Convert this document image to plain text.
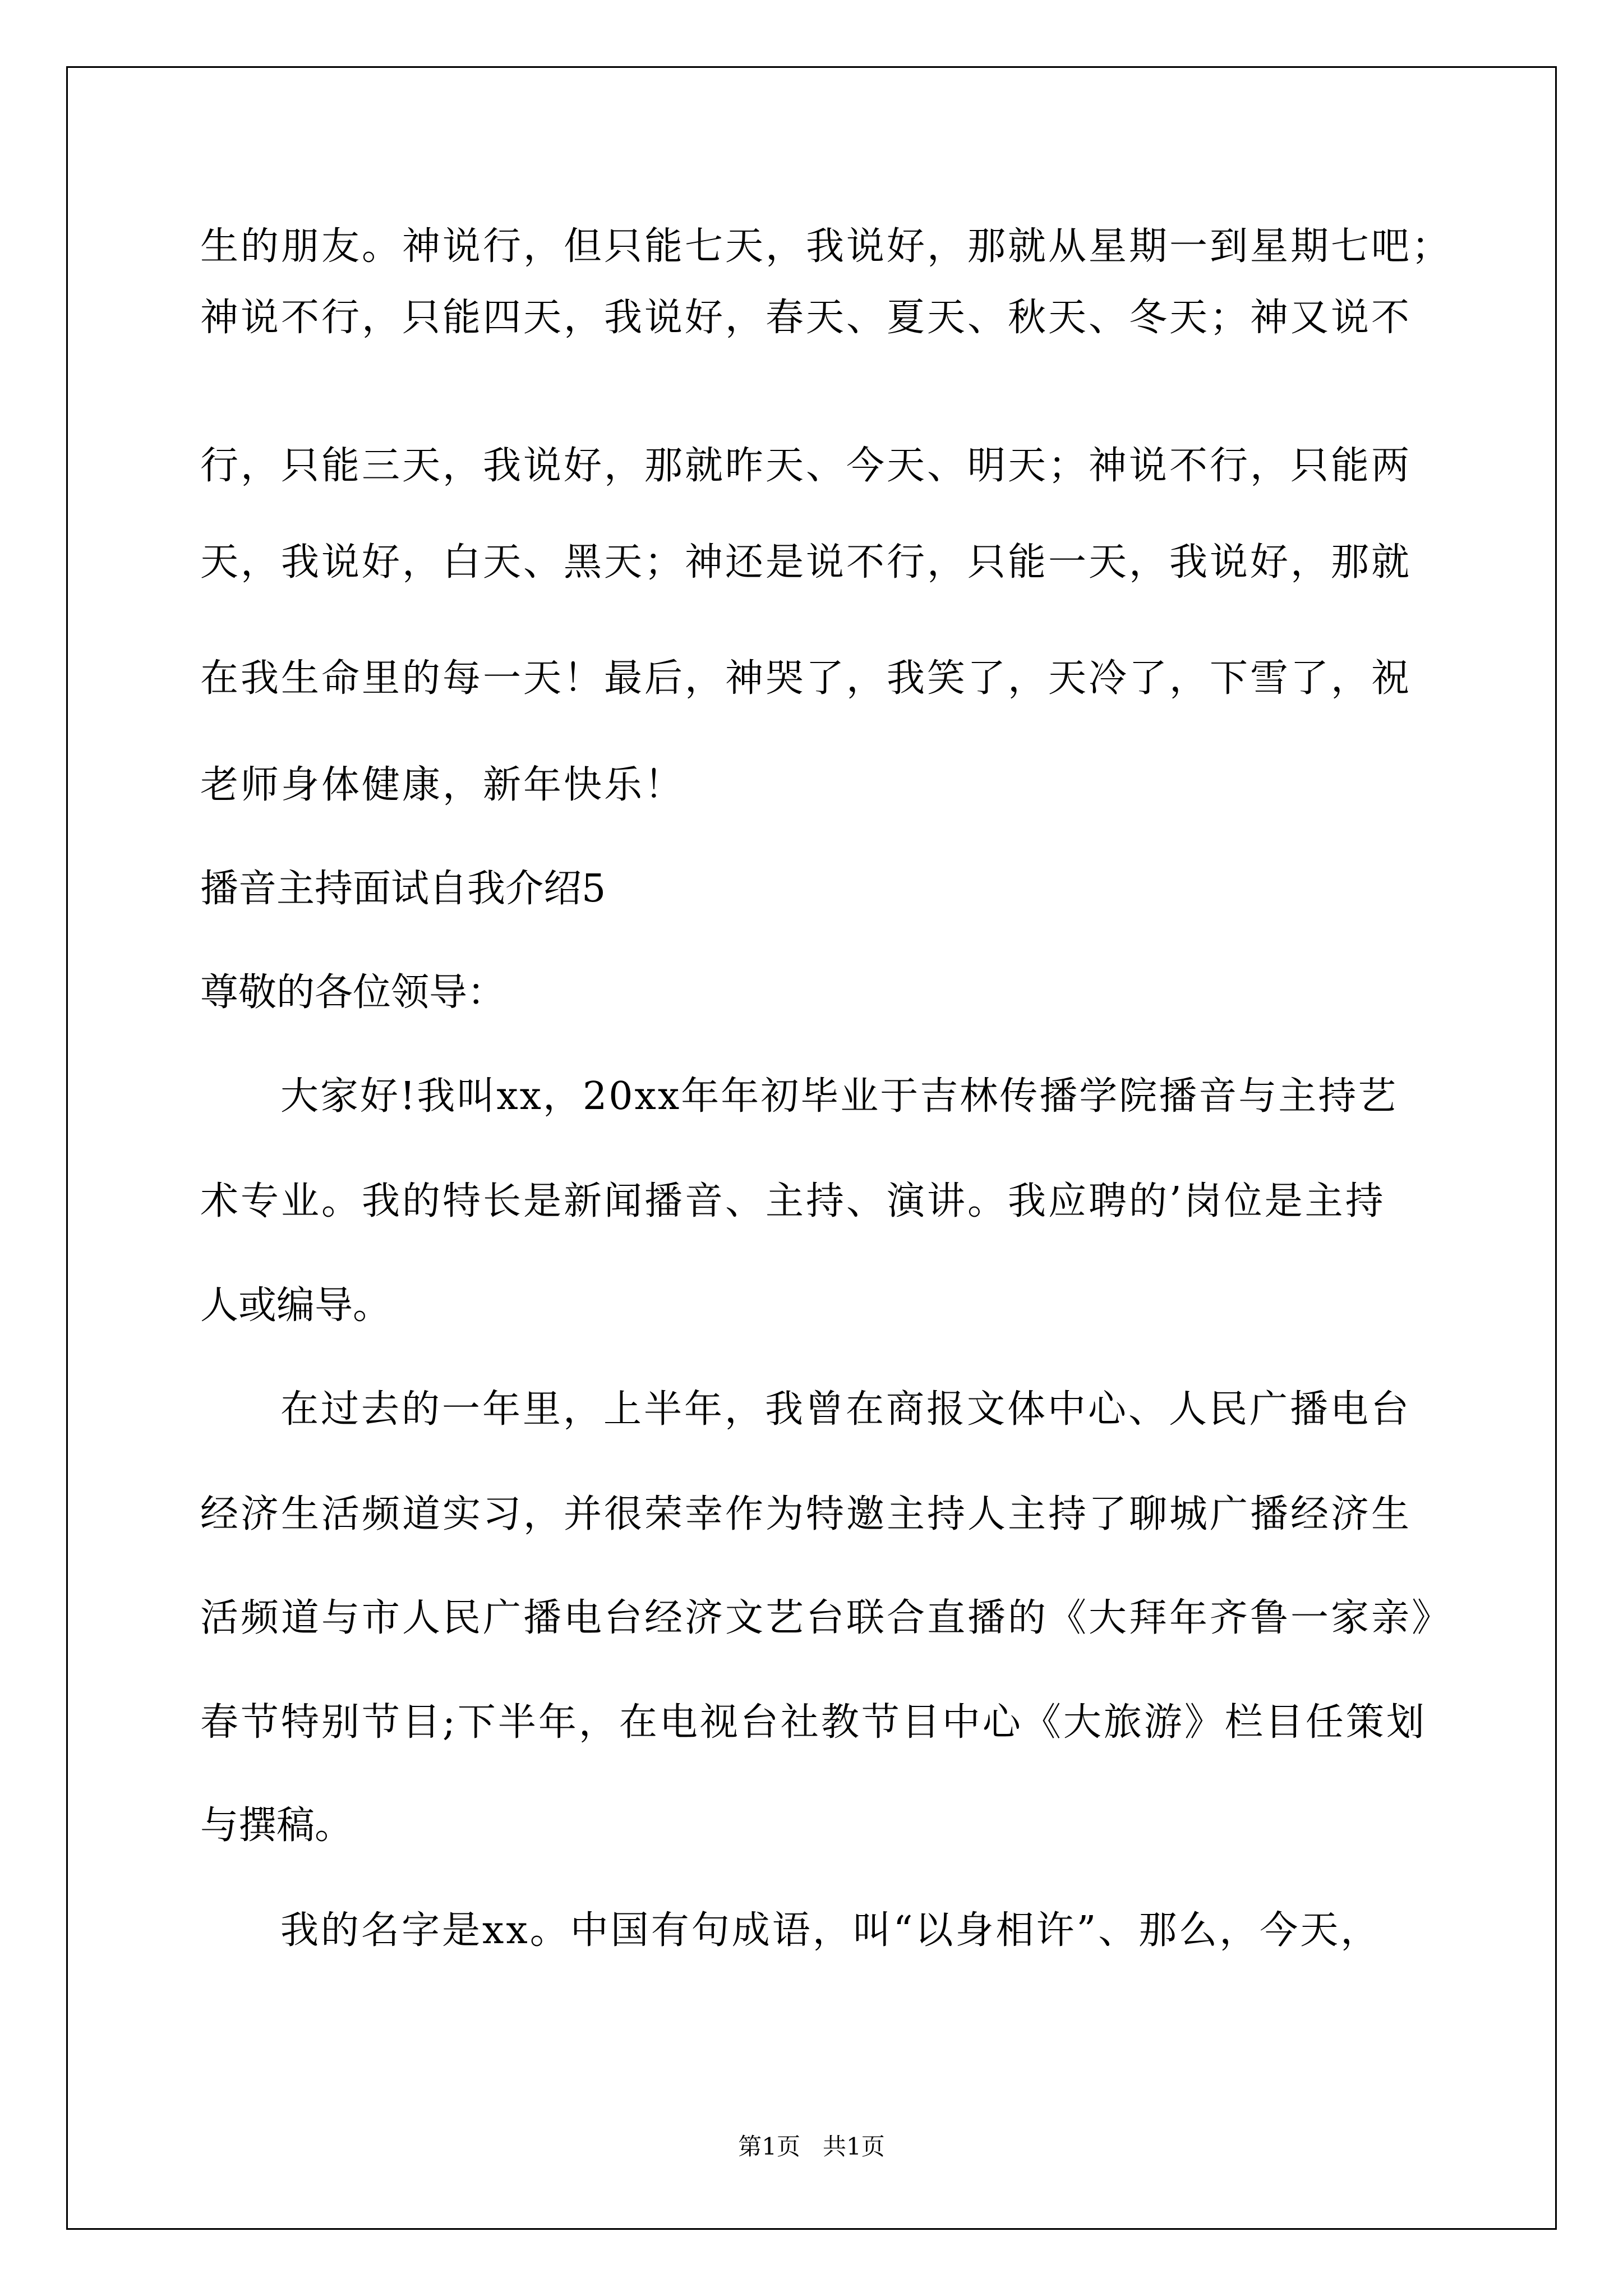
生的朋友。神说行，但只能七天，我说好，那就从星期一到星期七吧；
神说不行，只能四天，我说好，春天、夏天、秋天、冬天；神又说不
行，只能三天，我说好，那就昨天、今天、明天；神说不行，只能两
天，我说好，白天、黑天；神还是说不行，只能一天，我说好，那就
在我生命里的每一天！最后，神哭了，我笑了，天冷了，下雪了，祝
老师身体健康，新年快乐！
播音主持面试自我介绍5
尊敬的各位领导：
大家好!我叫xx，20xx年年初毕业于吉林传播学院播音与主持艺
术专业。我的特长是新闻播音、主持、演讲。我应聘的’岗位是主持
人或编导。
在过去的一年里，上半年，我曾在商报文体中心、人民广播电台
经济生活频道实习，并很荣幸作为特邀主持人主持了聊城广播经济生
活频道与市人民广播电台经济文艺台联合直播的《大拜年齐鲁一家亲》
春节特别节目;下半年，在电视台社教节目中心《大旅游》栏目任策划
与撰稿。
我的名字是xx。中国有句成语，叫“以身相许”、那么，今天，
第1页   共1页
